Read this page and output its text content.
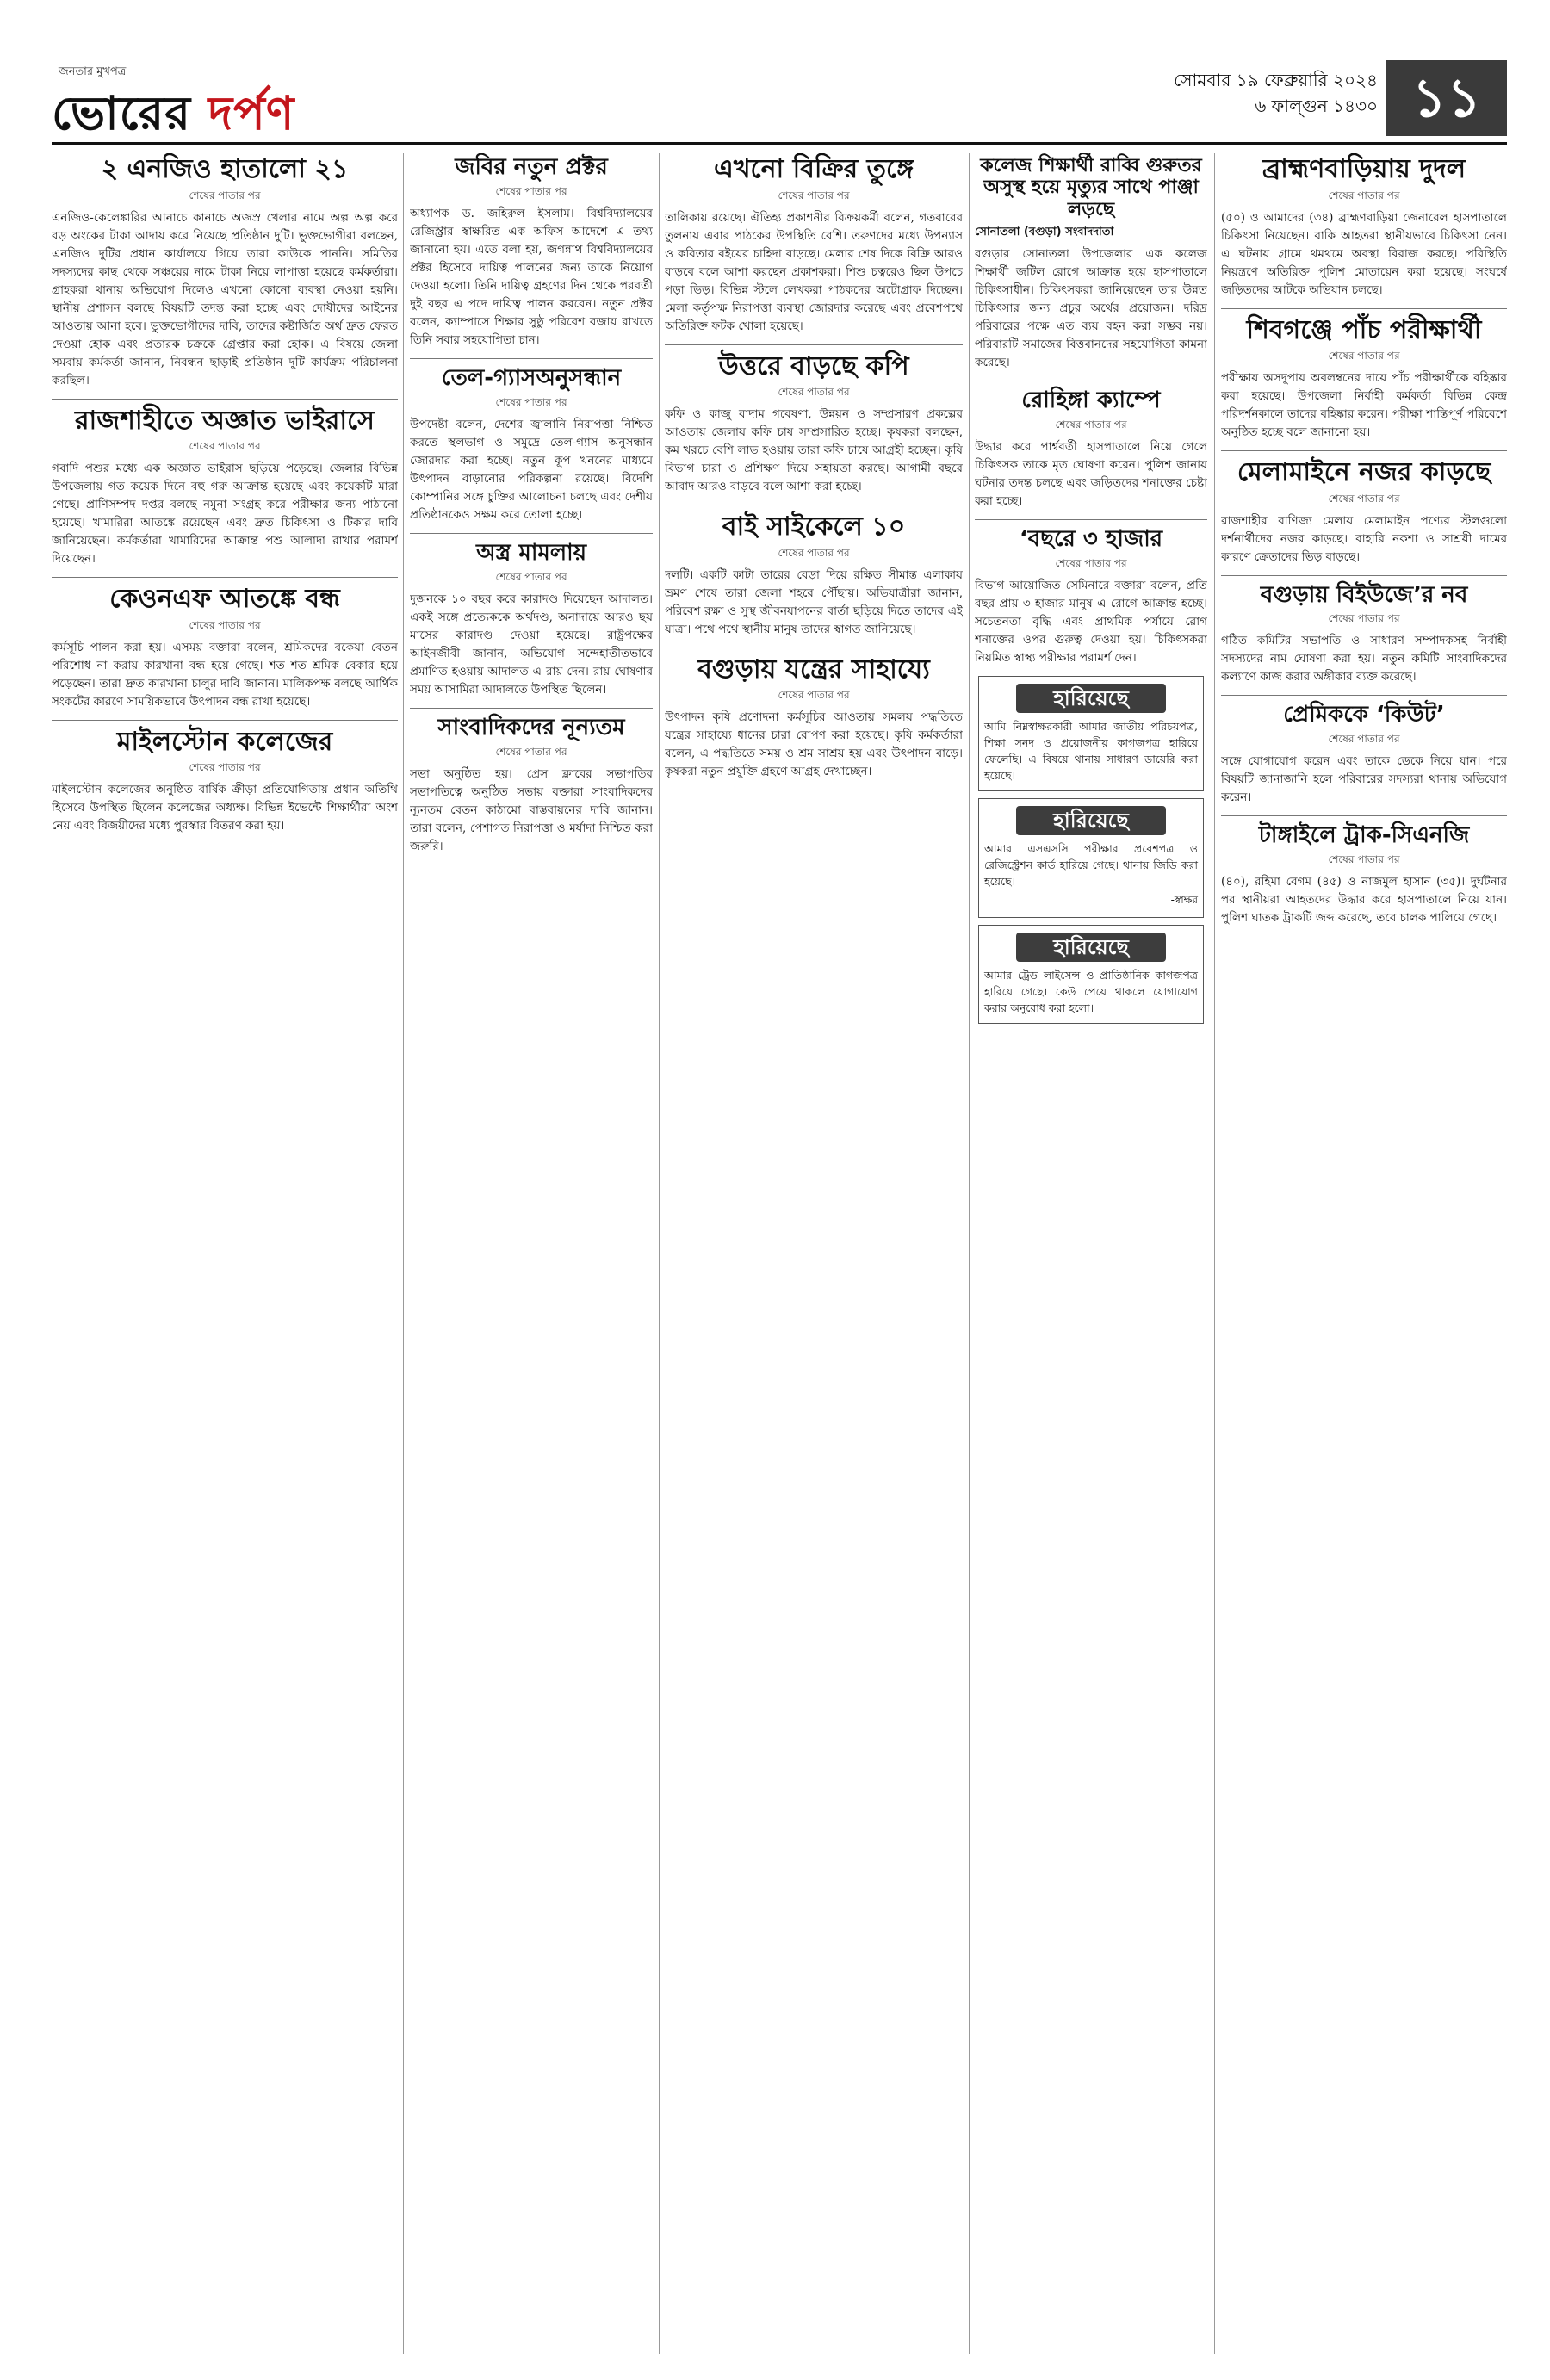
জনতার মুখপত্র
ভোরের দর্পণ
সোমবার ১৯ ফেব্রুয়ারি ২০২৪
৬ ফাল্গুন ১৪৩০ ১১
২ এনজিও হাতালো ২১
শেষের পাতার পর

এনজিও-কেলেঙ্কারির আনাচে কানাচে অজস্র খেলার নামে অল্প অল্প করে বড় অংকের টাকা আদায় করে নিয়েছে প্রতিষ্ঠান দুটি। ভুক্তভোগীরা বলছেন, এনজিও দুটির প্রধান কার্যালয়ে গিয়ে তারা কাউকে পাননি। সমিতির সদস্যদের কাছ থেকে সঞ্চয়ের নামে টাকা নিয়ে লাপাত্তা হয়েছে কর্মকর্তারা। গ্রাহকরা থানায় অভিযোগ দিলেও এখনো কোনো ব্যবস্থা নেওয়া হয়নি। স্থানীয় প্রশাসন বলছে বিষয়টি তদন্ত করা হচ্ছে এবং দোষীদের আইনের আওতায় আনা হবে। ভুক্তভোগীদের দাবি, তাদের কষ্টার্জিত অর্থ দ্রুত ফেরত দেওয়া হোক এবং প্রতারক চক্রকে গ্রেপ্তার করা হোক। এ বিষয়ে জেলা সমবায় কর্মকর্তা জানান, নিবন্ধন ছাড়াই প্রতিষ্ঠান দুটি কার্যক্রম পরিচালনা করছিল।

রাজশাহীতে অজ্ঞাত ভাইরাসে
শেষের পাতার পর

গবাদি পশুর মধ্যে এক অজ্ঞাত ভাইরাস ছড়িয়ে পড়েছে। জেলার বিভিন্ন উপজেলায় গত কয়েক দিনে বহু গরু আক্রান্ত হয়েছে এবং কয়েকটি মারা গেছে। প্রাণিসম্পদ দপ্তর বলছে নমুনা সংগ্রহ করে পরীক্ষার জন্য পাঠানো হয়েছে। খামারিরা আতঙ্কে রয়েছেন এবং দ্রুত চিকিৎসা ও টিকার দাবি জানিয়েছেন। কর্মকর্তারা খামারিদের আক্রান্ত পশু আলাদা রাখার পরামর্শ দিয়েছেন।

কেওনএফ আতঙ্কে বন্ধ
শেষের পাতার পর

কর্মসূচি পালন করা হয়। এসময় বক্তারা বলেন, শ্রমিকদের বকেয়া বেতন পরিশোধ না করায় কারখানা বন্ধ হয়ে গেছে। শত শত শ্রমিক বেকার হয়ে পড়েছেন। তারা দ্রুত কারখানা চালুর দাবি জানান। মালিকপক্ষ বলছে আর্থিক সংকটের কারণে সাময়িকভাবে উৎপাদন বন্ধ রাখা হয়েছে।

মাইলস্টোন কলেজের
শেষের পাতার পর

মাইলস্টোন কলেজের অনুষ্ঠিত বার্ষিক ক্রীড়া প্রতিযোগিতায় প্রধান অতিথি হিসেবে উপস্থিত ছিলেন কলেজের অধ্যক্ষ। বিভিন্ন ইভেন্টে শিক্ষার্থীরা অংশ নেয় এবং বিজয়ীদের মধ্যে পুরস্কার বিতরণ করা হয়।

জবির নতুন প্রক্টর
শেষের পাতার পর

অধ্যাপক ড. জহিরুল ইসলাম। বিশ্ববিদ্যালয়ের রেজিস্ট্রার স্বাক্ষরিত এক অফিস আদেশে এ তথ্য জানানো হয়। এতে বলা হয়, জগন্নাথ বিশ্ববিদ্যালয়ের প্রক্টর হিসেবে দায়িত্ব পালনের জন্য তাকে নিয়োগ দেওয়া হলো। তিনি দায়িত্ব গ্রহণের দিন থেকে পরবর্তী দুই বছর এ পদে দায়িত্ব পালন করবেন। নতুন প্রক্টর বলেন, ক্যাম্পাসে শিক্ষার সুষ্ঠু পরিবেশ বজায় রাখতে তিনি সবার সহযোগিতা চান।

তেল-গ্যাসঅনুসন্ধান
শেষের পাতার পর

উপদেষ্টা বলেন, দেশের জ্বালানি নিরাপত্তা নিশ্চিত করতে স্থলভাগ ও সমুদ্রে তেল-গ্যাস অনুসন্ধান জোরদার করা হচ্ছে। নতুন কূপ খননের মাধ্যমে উৎপাদন বাড়ানোর পরিকল্পনা রয়েছে। বিদেশি কোম্পানির সঙ্গে চুক্তির আলোচনা চলছে এবং দেশীয় প্রতিষ্ঠানকেও সক্ষম করে তোলা হচ্ছে।

অস্ত্র মামলায়
শেষের পাতার পর

দুজনকে ১০ বছর করে কারাদণ্ড দিয়েছেন আদালত। একই সঙ্গে প্রত্যেককে অর্থদণ্ড, অনাদায়ে আরও ছয় মাসের কারাদণ্ড দেওয়া হয়েছে। রাষ্ট্রপক্ষের আইনজীবী জানান, অভিযোগ সন্দেহাতীতভাবে প্রমাণিত হওয়ায় আদালত এ রায় দেন। রায় ঘোষণার সময় আসামিরা আদালতে উপস্থিত ছিলেন।

সাংবাদিকদের নূন্যতম
শেষের পাতার পর

সভা অনুষ্ঠিত হয়। প্রেস ক্লাবের সভাপতির সভাপতিত্বে অনুষ্ঠিত সভায় বক্তারা সাংবাদিকদের ন্যূনতম বেতন কাঠামো বাস্তবায়নের দাবি জানান। তারা বলেন, পেশাগত নিরাপত্তা ও মর্যাদা নিশ্চিত করা জরুরি।

এখনো বিক্রির তুঙ্গে
শেষের পাতার পর

তালিকায় রয়েছে। ঐতিহ্য প্রকাশনীর বিক্রয়কর্মী বলেন, গতবারের তুলনায় এবার পাঠকের উপস্থিতি বেশি। তরুণদের মধ্যে উপন্যাস ও কবিতার বইয়ের চাহিদা বাড়ছে। মেলার শেষ দিকে বিক্রি আরও বাড়বে বলে আশা করছেন প্রকাশকরা। শিশু চত্বরেও ছিল উপচে পড়া ভিড়। বিভিন্ন স্টলে লেখকরা পাঠকদের অটোগ্রাফ দিচ্ছেন। মেলা কর্তৃপক্ষ নিরাপত্তা ব্যবস্থা জোরদার করেছে এবং প্রবেশপথে অতিরিক্ত ফটক খোলা হয়েছে।

উত্তরে বাড়ছে কপি
শেষের পাতার পর

কফি ও কাজু বাদাম গবেষণা, উন্নয়ন ও সম্প্রসারণ প্রকল্পের আওতায় জেলায় কফি চাষ সম্প্রসারিত হচ্ছে। কৃষকরা বলছেন, কম খরচে বেশি লাভ হওয়ায় তারা কফি চাষে আগ্রহী হচ্ছেন। কৃষি বিভাগ চারা ও প্রশিক্ষণ দিয়ে সহায়তা করছে। আগামী বছরে আবাদ আরও বাড়বে বলে আশা করা হচ্ছে।

বাই সাইকেলে ১০
শেষের পাতার পর

দলটি। একটি কাটা তারের বেড়া দিয়ে রক্ষিত সীমান্ত এলাকায় ভ্রমণ শেষে তারা জেলা শহরে পৌঁছায়। অভিযাত্রীরা জানান, পরিবেশ রক্ষা ও সুস্থ জীবনযাপনের বার্তা ছড়িয়ে দিতে তাদের এই যাত্রা। পথে পথে স্থানীয় মানুষ তাদের স্বাগত জানিয়েছে।

বগুড়ায় যন্ত্রের সাহায্যে
শেষের পাতার পর

উৎপাদন কৃষি প্রণোদনা কর্মসূচির আওতায় সমলয় পদ্ধতিতে যন্ত্রের সাহায্যে ধানের চারা রোপণ করা হয়েছে। কৃষি কর্মকর্তারা বলেন, এ পদ্ধতিতে সময় ও শ্রম সাশ্রয় হয় এবং উৎপাদন বাড়ে। কৃষকরা নতুন প্রযুক্তি গ্রহণে আগ্রহ দেখাচ্ছেন।

কলেজ শিক্ষার্থী রাব্বি গুরুতর অসুস্থ হয়ে মৃত্যুর সাথে পাঞ্জা লড়ছে
সোনাতলা (বগুড়া) সংবাদদাতা

বগুড়ার সোনাতলা উপজেলার এক কলেজ শিক্ষার্থী জটিল রোগে আক্রান্ত হয়ে হাসপাতালে চিকিৎসাধীন। চিকিৎসকরা জানিয়েছেন তার উন্নত চিকিৎসার জন্য প্রচুর অর্থের প্রয়োজন। দরিদ্র পরিবারের পক্ষে এত ব্যয় বহন করা সম্ভব নয়। পরিবারটি সমাজের বিত্তবানদের সহযোগিতা কামনা করেছে।

রোহিঙ্গা ক্যাম্পে
শেষের পাতার পর

উদ্ধার করে পার্শ্ববর্তী হাসপাতালে নিয়ে গেলে চিকিৎসক তাকে মৃত ঘোষণা করেন। পুলিশ জানায় ঘটনার তদন্ত চলছে এবং জড়িতদের শনাক্তের চেষ্টা করা হচ্ছে।

‘বছরে ৩ হাজার
শেষের পাতার পর

বিভাগ আয়োজিত সেমিনারে বক্তারা বলেন, প্রতি বছর প্রায় ৩ হাজার মানুষ এ রোগে আক্রান্ত হচ্ছে। সচেতনতা বৃদ্ধি এবং প্রাথমিক পর্যায়ে রোগ শনাক্তের ওপর গুরুত্ব দেওয়া হয়। চিকিৎসকরা নিয়মিত স্বাস্থ্য পরীক্ষার পরামর্শ দেন।

হারিয়েছে

আমি নিম্নস্বাক্ষরকারী আমার জাতীয় পরিচয়পত্র, শিক্ষা সনদ ও প্রয়োজনীয় কাগজপত্র হারিয়ে ফেলেছি। এ বিষয়ে থানায় সাধারণ ডায়েরি করা হয়েছে।

হারিয়েছে

আমার এসএসসি পরীক্ষার প্রবেশপত্র ও রেজিস্ট্রেশন কার্ড হারিয়ে গেছে। থানায় জিডি করা হয়েছে।

-স্বাক্ষর
হারিয়েছে

আমার ট্রেড লাইসেন্স ও প্রাতিষ্ঠানিক কাগজপত্র হারিয়ে গেছে। কেউ পেয়ে থাকলে যোগাযোগ করার অনুরোধ করা হলো।

ব্রাহ্মণবাড়িয়ায় দুদল
শেষের পাতার পর

(৫০) ও আমাদের (৩৪) ব্রাহ্মণবাড়িয়া জেনারেল হাসপাতালে চিকিৎসা নিয়েছেন। বাকি আহতরা স্থানীয়ভাবে চিকিৎসা নেন। এ ঘটনায় গ্রামে থমথমে অবস্থা বিরাজ করছে। পরিস্থিতি নিয়ন্ত্রণে অতিরিক্ত পুলিশ মোতায়েন করা হয়েছে। সংঘর্ষে জড়িতদের আটকে অভিযান চলছে।

শিবগঞ্জে পাঁচ পরীক্ষার্থী
শেষের পাতার পর

পরীক্ষায় অসদুপায় অবলম্বনের দায়ে পাঁচ পরীক্ষার্থীকে বহিষ্কার করা হয়েছে। উপজেলা নির্বাহী কর্মকর্তা বিভিন্ন কেন্দ্র পরিদর্শনকালে তাদের বহিষ্কার করেন। পরীক্ষা শান্তিপূর্ণ পরিবেশে অনুষ্ঠিত হচ্ছে বলে জানানো হয়।

মেলামাইনে নজর কাড়ছে
শেষের পাতার পর

রাজশাহীর বাণিজ্য মেলায় মেলামাইন পণ্যের স্টলগুলো দর্শনার্থীদের নজর কাড়ছে। বাহারি নকশা ও সাশ্রয়ী দামের কারণে ক্রেতাদের ভিড় বাড়ছে।

বগুড়ায় বিইউজে’র নব
শেষের পাতার পর

গঠিত কমিটির সভাপতি ও সাধারণ সম্পাদকসহ নির্বাহী সদস্যদের নাম ঘোষণা করা হয়। নতুন কমিটি সাংবাদিকদের কল্যাণে কাজ করার অঙ্গীকার ব্যক্ত করেছে।

প্রেমিককে ‘কিউট’
শেষের পাতার পর

সঙ্গে যোগাযোগ করেন এবং তাকে ডেকে নিয়ে যান। পরে বিষয়টি জানাজানি হলে পরিবারের সদস্যরা থানায় অভিযোগ করেন।

টাঙ্গাইলে ট্রাক-সিএনজি
শেষের পাতার পর

(৪০), রহিমা বেগম (৪৫) ও নাজমুল হাসান (৩৫)। দুর্ঘটনার পর স্থানীয়রা আহতদের উদ্ধার করে হাসপাতালে নিয়ে যান। পুলিশ ঘাতক ট্রাকটি জব্দ করেছে, তবে চালক পালিয়ে গেছে।
